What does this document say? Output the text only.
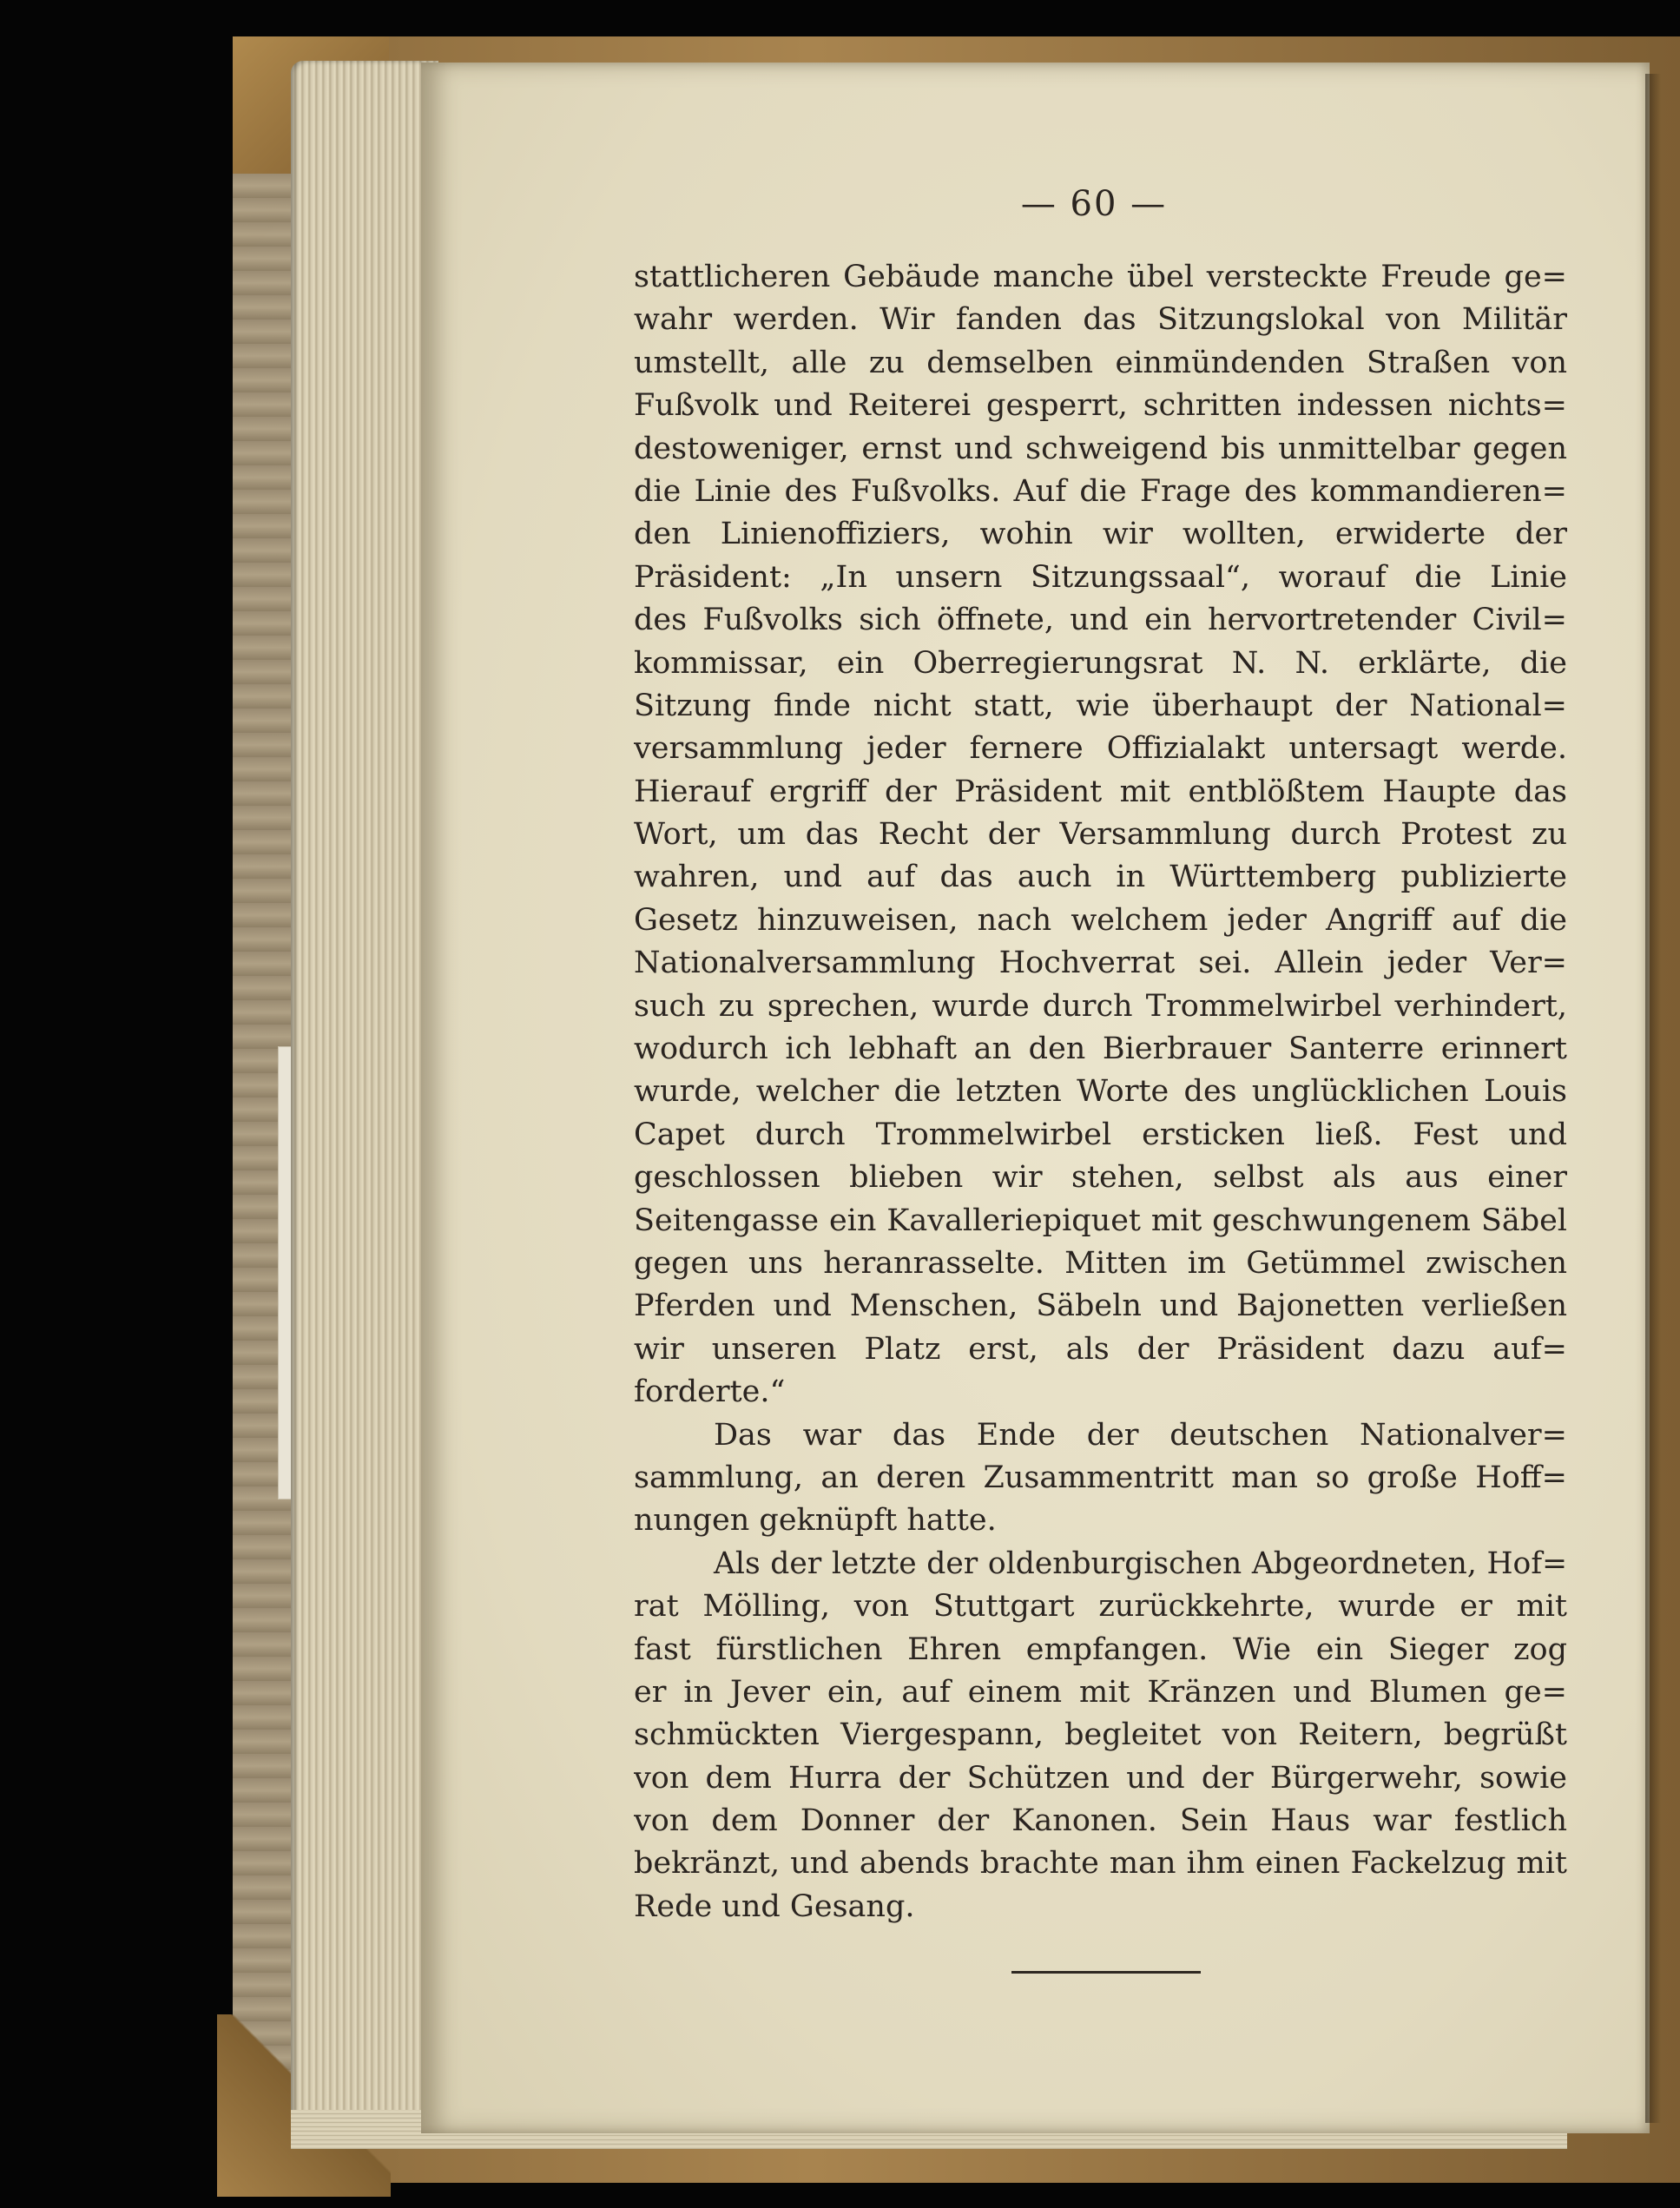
— 60 —
stattlicheren Gebäude manche übel versteckte Freude ge=
wahr werden. Wir fanden das Sitzungslokal von Militär
umstellt, alle zu demselben einmündenden Straßen von
Fußvolk und Reiterei gesperrt, schritten indessen nichts=
destoweniger, ernst und schweigend bis unmittelbar gegen
die Linie des Fußvolks. Auf die Frage des kommandieren=
den Linienoffiziers, wohin wir wollten, erwiderte der
Präsident: „In unsern Sitzungssaal“, worauf die Linie
des Fußvolks sich öffnete, und ein hervortretender Civil=
kommissar, ein Oberregierungsrat N. N. erklärte, die
Sitzung finde nicht statt, wie überhaupt der National=
versammlung jeder fernere Offizialakt untersagt werde.
Hierauf ergriff der Präsident mit entblößtem Haupte das
Wort, um das Recht der Versammlung durch Protest zu
wahren, und auf das auch in Württemberg publizierte
Gesetz hinzuweisen, nach welchem jeder Angriff auf die
Nationalversammlung Hochverrat sei. Allein jeder Ver=
such zu sprechen, wurde durch Trommelwirbel verhindert,
wodurch ich lebhaft an den Bierbrauer Santerre erinnert
wurde, welcher die letzten Worte des unglücklichen Louis
Capet durch Trommelwirbel ersticken ließ. Fest und
geschlossen blieben wir stehen, selbst als aus einer
Seitengasse ein Kavalleriepiquet mit geschwungenem Säbel
gegen uns heranrasselte. Mitten im Getümmel zwischen
Pferden und Menschen, Säbeln und Bajonetten verließen
wir unseren Platz erst, als der Präsident dazu auf=
forderte.“
Das war das Ende der deutschen Nationalver=
sammlung, an deren Zusammentritt man so große Hoff=
nungen geknüpft hatte.
Als der letzte der oldenburgischen Abgeordneten, Hof=
rat Mölling, von Stuttgart zurückkehrte, wurde er mit
fast fürstlichen Ehren empfangen. Wie ein Sieger zog
er in Jever ein, auf einem mit Kränzen und Blumen ge=
schmückten Viergespann, begleitet von Reitern, begrüßt
von dem Hurra der Schützen und der Bürgerwehr, sowie
von dem Donner der Kanonen. Sein Haus war festlich
bekränzt, und abends brachte man ihm einen Fackelzug mit
Rede und Gesang.
